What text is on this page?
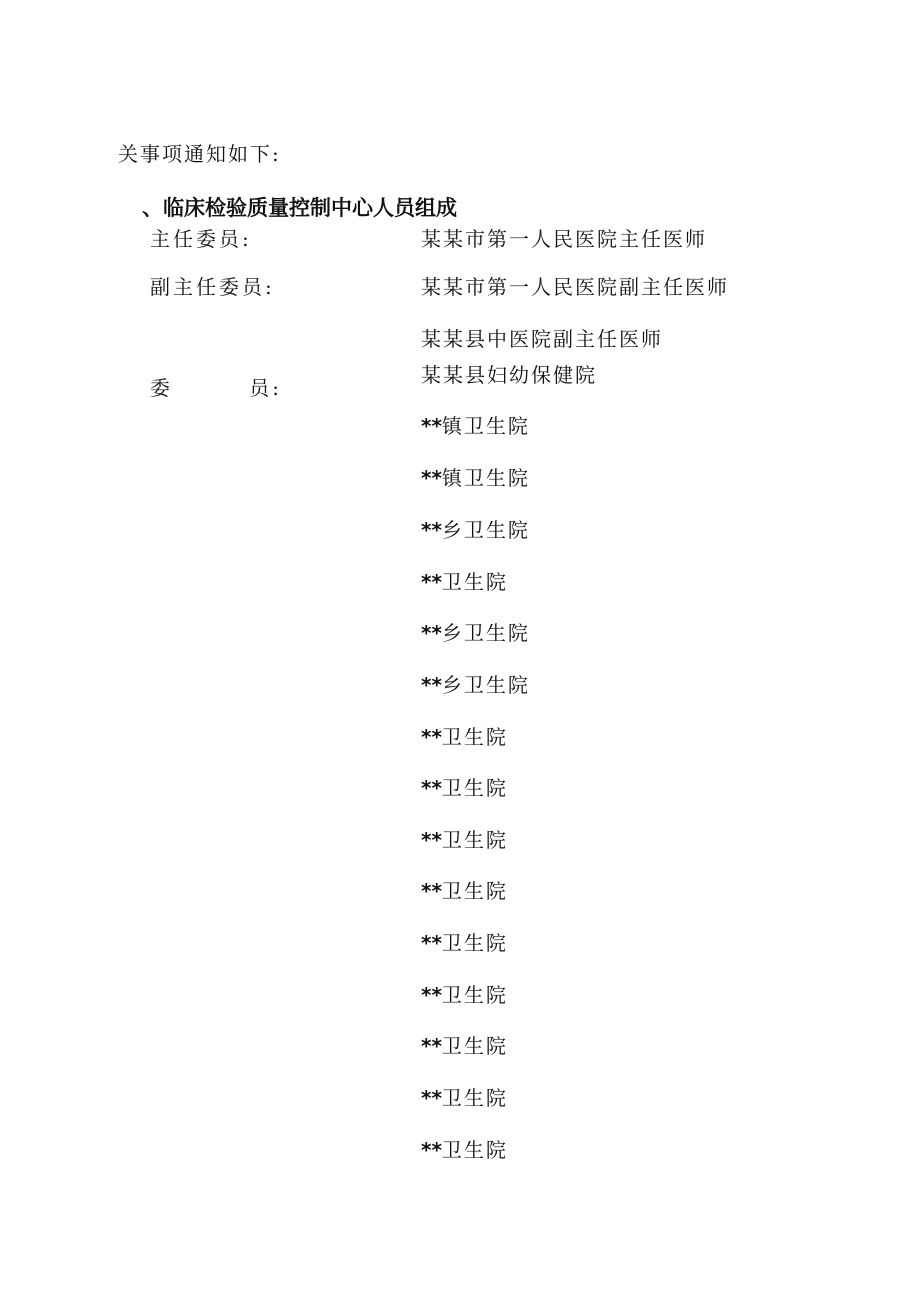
关事项通知如下:
、临床检验质量控制中心人员组成
主任委员:
副主任委员:
委	员:
某某市第一人民医院主任医师
某某市第一人民医院副主任医师
某某县中医院副主任医师
某某县妇幼保健院
**镇卫生院
**镇卫生院
**乡卫生院
**卫生院
**乡卫生院
**乡卫生院
**卫生院
**卫生院
**卫生院
**卫生院
**卫生院
**卫生院
**卫生院
**卫生院
**卫生院
